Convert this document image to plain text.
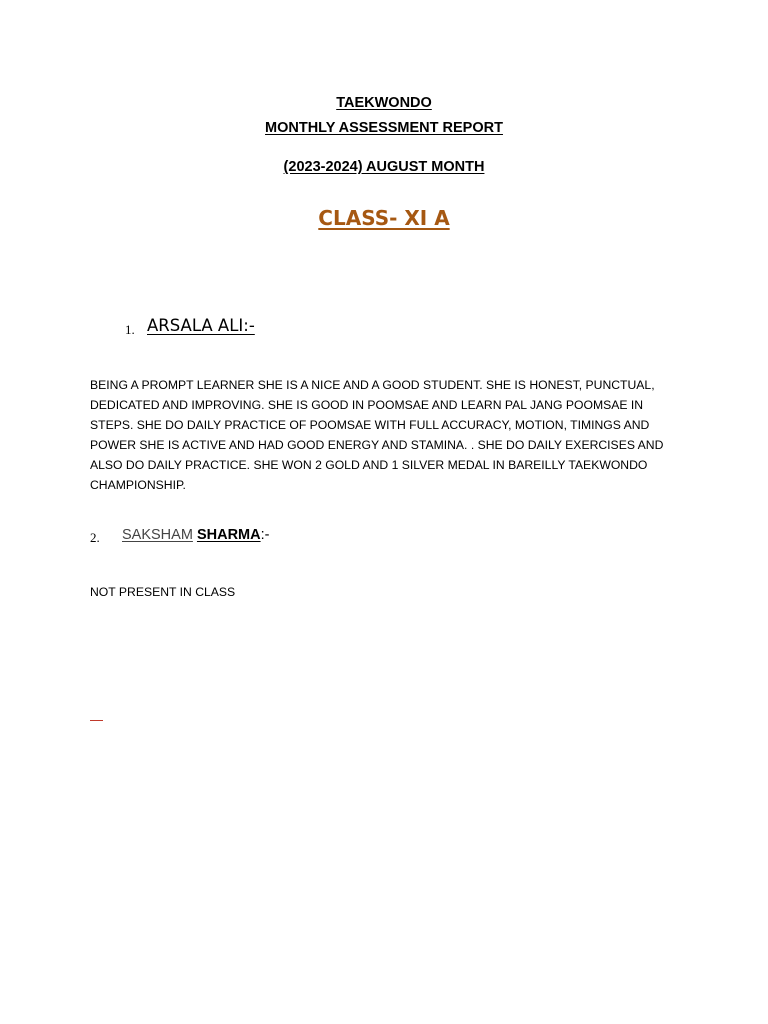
TAEKWONDO
MONTHLY ASSESSMENT REPORT
(2023-2024) AUGUST MONTH
CLASS- XI A
1. ARSALA ALI:-
BEING A PROMPT LEARNER SHE IS A NICE AND A GOOD STUDENT. SHE IS HONEST, PUNCTUAL, DEDICATED AND IMPROVING. SHE IS GOOD IN POOMSAE AND LEARN PAL JANG POOMSAE IN STEPS. SHE DO DAILY PRACTICE OF POOMSAE WITH FULL ACCURACY, MOTION, TIMINGS AND POWER SHE IS ACTIVE AND HAD GOOD ENERGY AND STAMINA. . SHE DO DAILY EXERCISES AND ALSO DO DAILY PRACTICE. SHE WON 2 GOLD AND 1 SILVER MEDAL IN BAREILLY TAEKWONDO CHAMPIONSHIP.
2. SAKSHAM SHARMA:-
NOT PRESENT IN CLASS
